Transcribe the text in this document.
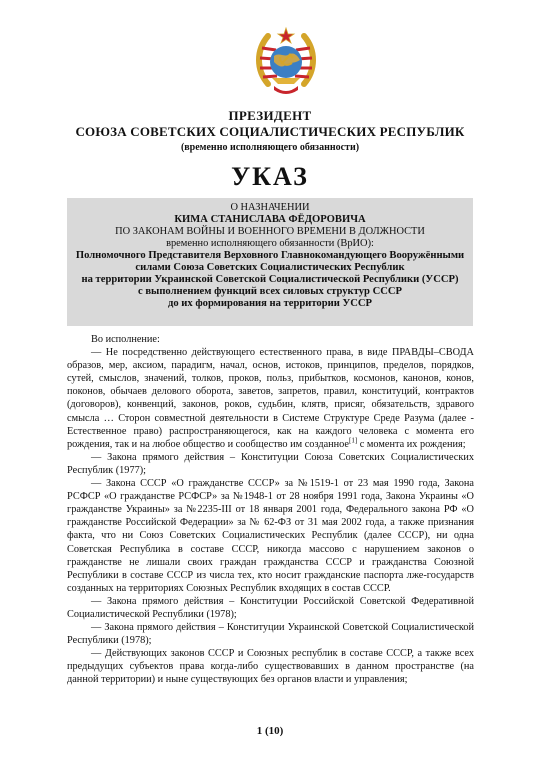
ПРЕЗИДЕНТ
СОЮЗА СОВЕТСКИХ СОЦИАЛИСТИЧЕСКИХ РЕСПУБЛИК
(временно исполняющего обязанности)
УКАЗ
О НАЗНАЧЕНИИ
КИМА СТАНИСЛАВА ФЁДОРОВИЧА
ПО ЗАКОНАМ ВОЙНЫ И ВОЕННОГО ВРЕМЕНИ В ДОЛЖНОСТИ
временно исполняющего обязанности (ВрИО):
Полномочного Представителя Верховного Главнокомандующего Вооружёнными
силами Союза Советских Социалистических Республик
на территории Украинской Советской Социалистической Республики (УССР)
с выполнением функций всех силовых структур СССР
до их формирования на территории УССР

Во исполнение:

— Не посредственно действующего естественного права, в виде ПРАВДЫ–СВОДА образов, мер, аксиом, парадигм, начал, основ, истоков, принципов, пределов, порядков, сутей, смыслов, значений, толков, проков, польз, прибытков, космонов, канонов, конов, поконов, обычаев делового оборота, заветов, запретов, правил, конституций, контрактов (договоров), конвенций, законов, роков, судьбин, клятв, присяг, обязательств, здравого смысла … Сторон совместной деятельности в Системе Структуре Среде Разума (далее - Естественное право) распространяющегося, как на каждого человека с момента его рождения, так и на любое общество и сообщество им созданное[1] с момента их рождения;

— Закона прямого действия – Конституции Союза Советских Социалистических Республик (1977);

— Закона СССР «О гражданстве СССР» за №1519-1 от 23 мая 1990 года, Закона РСФСР «О гражданстве РСФСР» за №1948-1 от 28 ноября 1991 года, Закона Украины «О гражданстве Украины» за №2235-III от 18 января 2001 года, Федерального закона РФ «О гражданстве Российской Федерации» за № 62-ФЗ от 31 мая 2002 года, а также признания факта, что ни Союз Советских Социалистических Республик (далее СССР), ни одна Советская Республика в составе СССР, никогда массово с нарушением законов о гражданстве не лишали своих граждан гражданства СССР и гражданства Союзной Республики в составе СССР из числа тех, кто носит гражданские паспорта лже-государств созданных на территориях Союзных Республик входящих в состав СССР.

— Закона прямого действия – Конституции Российской Советской Федеративной Социалистической Республики (1978);

— Закона прямого действия – Конституции Украинской Советской Социалистической Республики (1978);

— Действующих законов СССР и Союзных республик в составе СССР, а также всех предыдущих субъектов права когда-либо существовавших в данном пространстве (на данной территории) и ныне существующих без органов власти и управления;

1 (10)
